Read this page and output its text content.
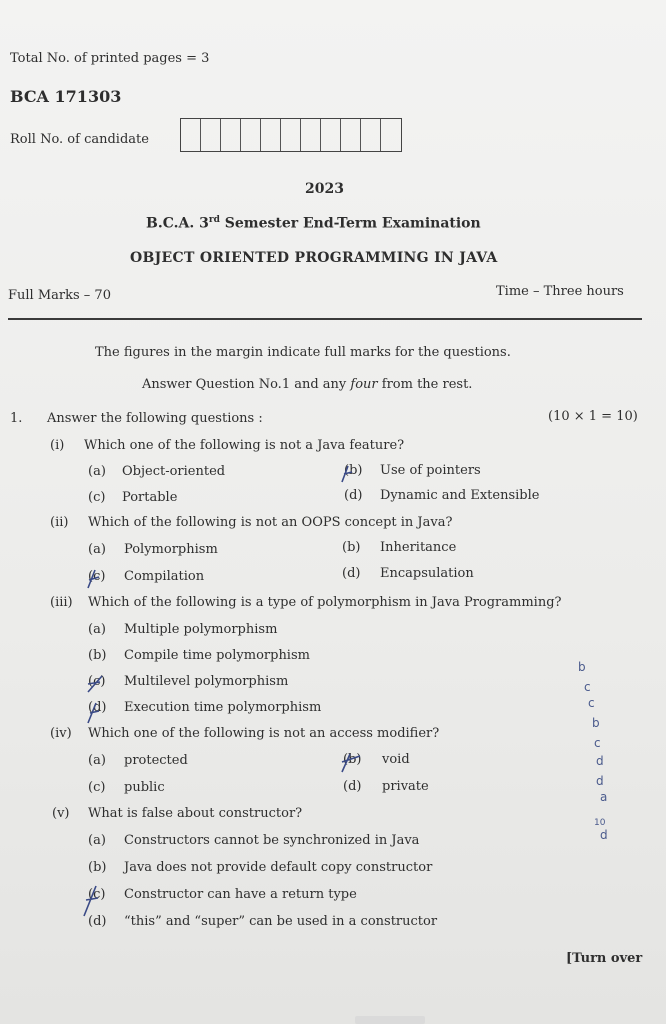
Total No. of printed pages = 3
BCA 171303
Roll No. of candidate
2023
B.C.A. 3rd Semester End-Term Examination
OBJECT ORIENTED PROGRAMMING IN JAVA
Full Marks – 70	Time – Three hours
The figures in the margin indicate full marks for the questions.
Answer Question No.1 and any four from the rest.
1. Answer the following questions :	(10 × 1 = 10)
(i) Which one of the following is not a Java feature?
(a) Object-oriented	(b) Use of pointers
(c) Portable	(d) Dynamic and Extensible
(ii) Which of the following is not an OOPS concept in Java?
(a) Polymorphism	(b) Inheritance
(c) Compilation	(d) Encapsulation
(iii) Which of the following is a type of polymorphism in Java Programming?
(a) Multiple polymorphism
(b) Compile time polymorphism
(c) Multilevel polymorphism
(d) Execution time polymorphism
(iv) Which one of the following is not an access modifier?
(a) protected	(b) void
(c) public	(d) private
(v) What is false about constructor?
(a) Constructors cannot be synchronized in Java
(b) Java does not provide default copy constructor
(c) Constructor can have a return type
(d) “this” and “super” can be used in a constructor
b
c
c
b
c
d
d
a
10
d
[Turn over
